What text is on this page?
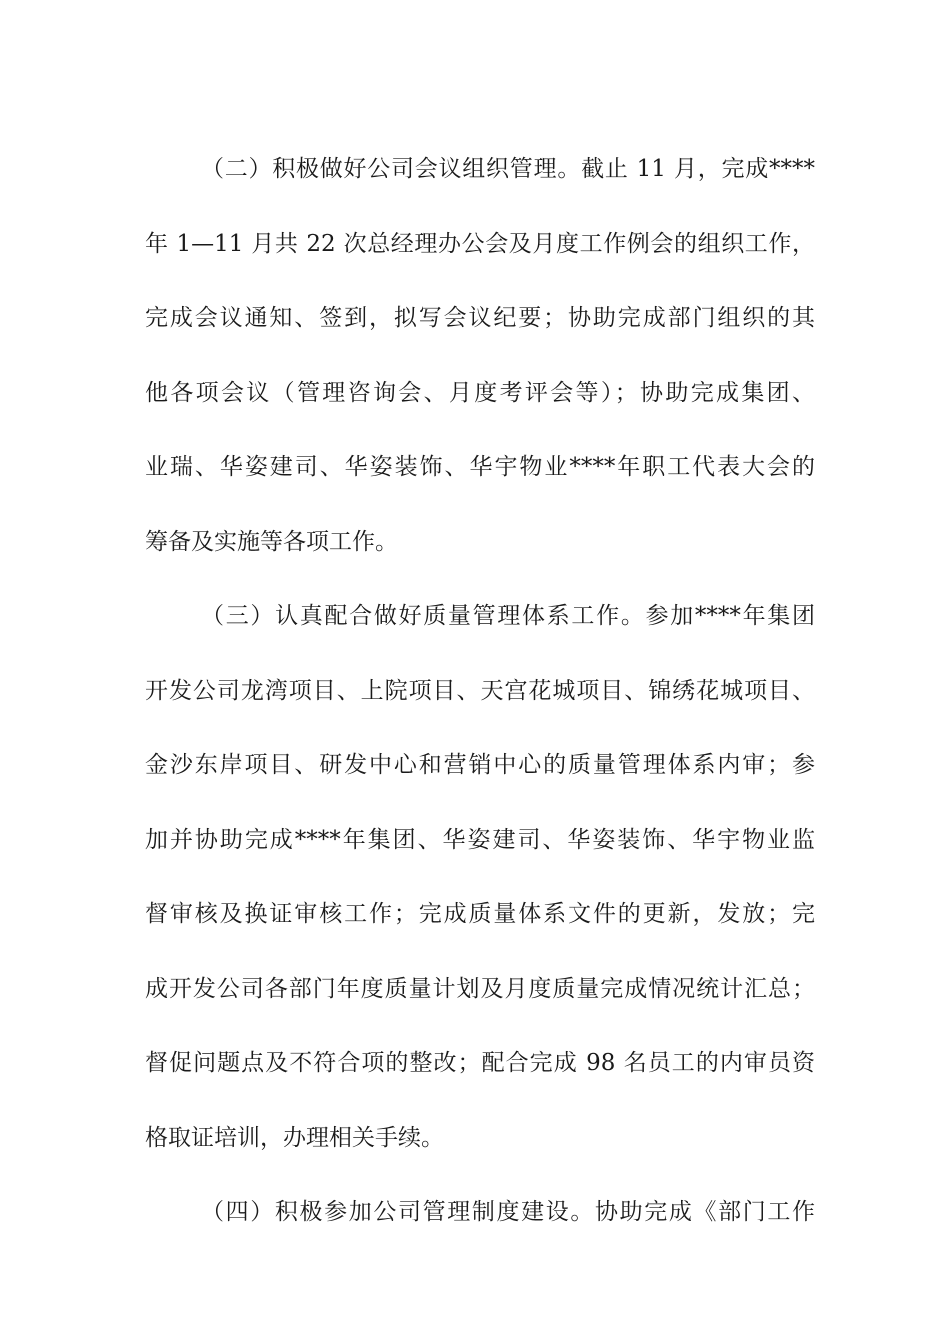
（二）积极做好公司会议组织管理。截止 11 月，完成****
年 1—11 月共 22 次总经理办公会及月度工作例会的组织工作，
完成会议通知、签到，拟写会议纪要；协助完成部门组织的其
他各项会议（管理咨询会、月度考评会等）；协助完成集团、
业瑞、华姿建司、华姿装饰、华宇物业****年职工代表大会的
筹备及实施等各项工作。
（三）认真配合做好质量管理体系工作。参加****年集团
开发公司龙湾项目、上院项目、天宫花城项目、锦绣花城项目、
金沙东岸项目、研发中心和营销中心的质量管理体系内审；参
加并协助完成****年集团、华姿建司、华姿装饰、华宇物业监
督审核及换证审核工作；完成质量体系文件的更新，发放；完
成开发公司各部门年度质量计划及月度质量完成情况统计汇总；
督促问题点及不符合项的整改；配合完成 98 名员工的内审员资
格取证培训，办理相关手续。
（四）积极参加公司管理制度建设。协助完成《部门工作
